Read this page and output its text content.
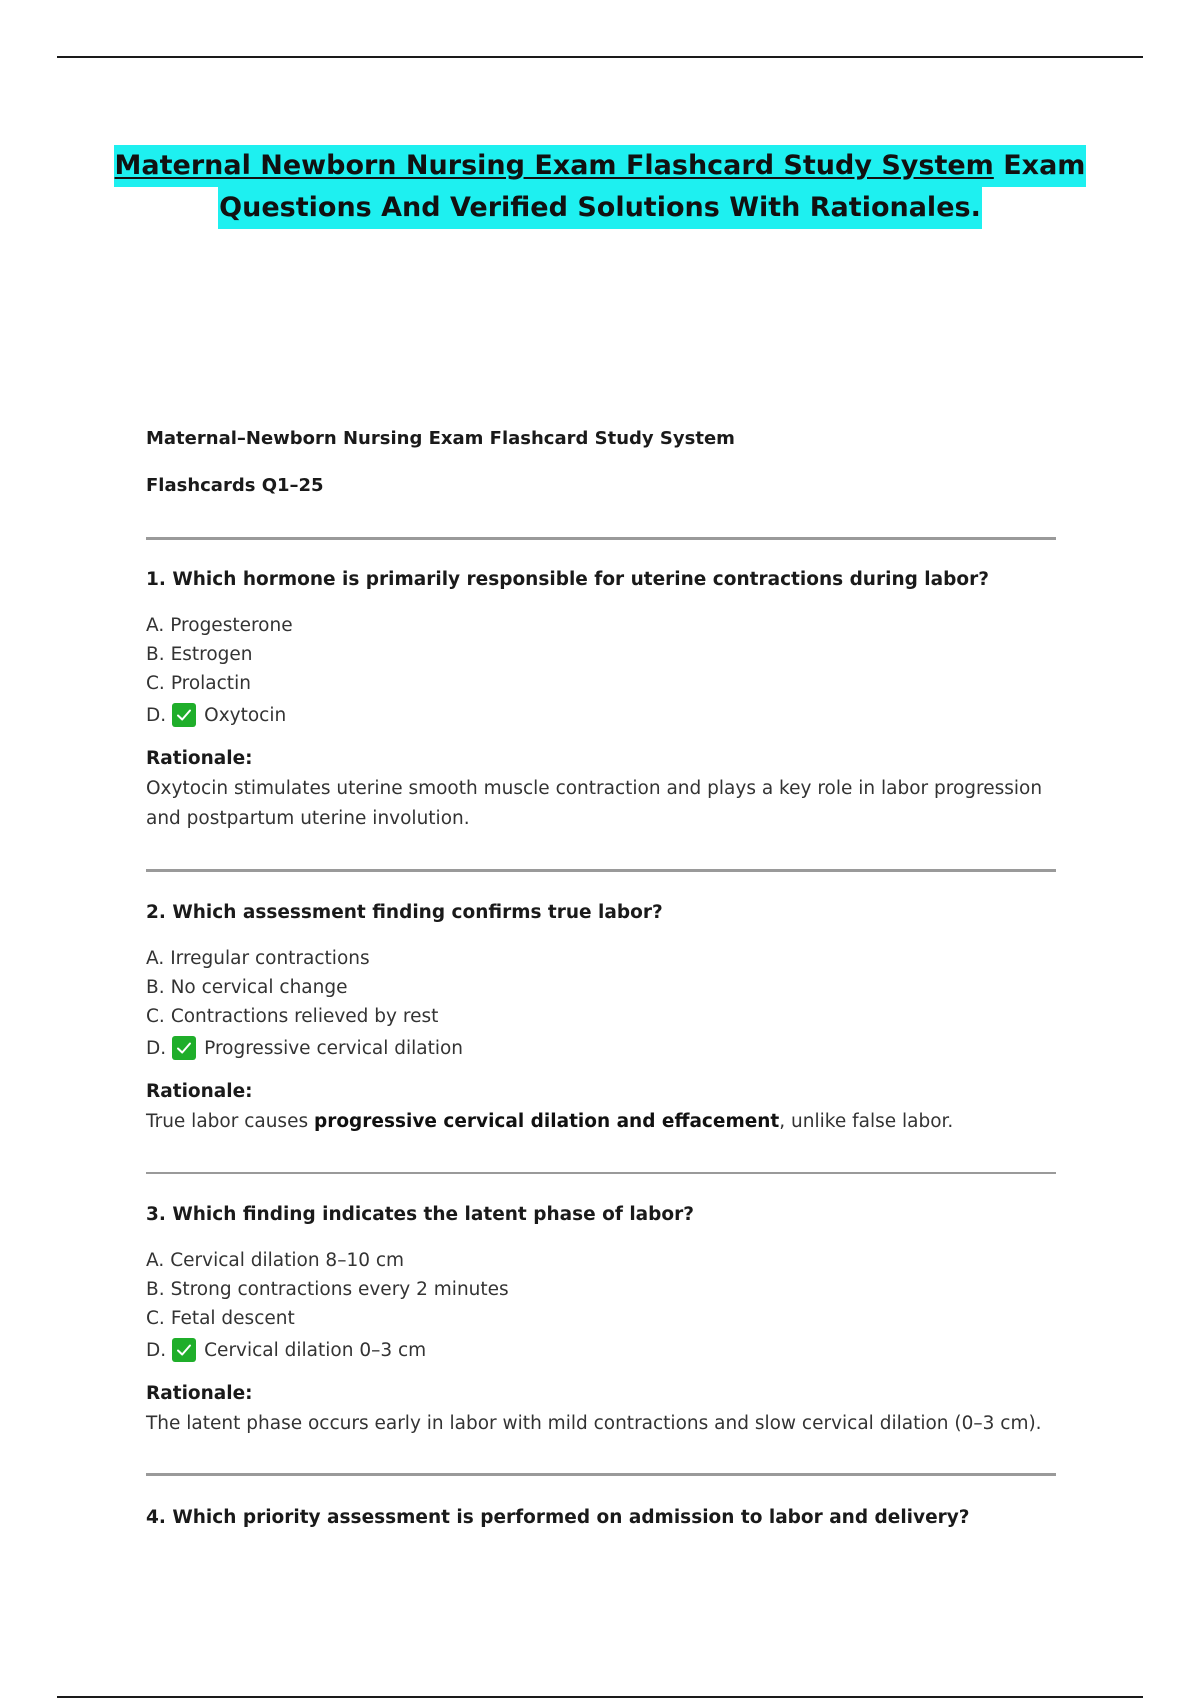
Maternal Newborn Nursing Exam Flashcard Study System Exam
Questions And Verified Solutions With Rationales.

Maternal–Newborn Nursing Exam Flashcard Study System

Flashcards Q1–25

1. Which hormone is primarily responsible for uterine contractions during labor?

A. Progesterone
B. Estrogen
C. Prolactin
D. Oxytocin

Rationale:

Oxytocin stimulates uterine smooth muscle contraction and plays a key role in labor progression and postpartum uterine involution.

2. Which assessment finding confirms true labor?

A. Irregular contractions
B. No cervical change
C. Contractions relieved by rest
D. Progressive cervical dilation

Rationale:

True labor causes progressive cervical dilation and effacement, unlike false labor.

3. Which finding indicates the latent phase of labor?

A. Cervical dilation 8–10 cm
B. Strong contractions every 2 minutes
C. Fetal descent
D. Cervical dilation 0–3 cm

Rationale:

The latent phase occurs early in labor with mild contractions and slow cervical dilation (0–3 cm).

4. Which priority assessment is performed on admission to labor and delivery?
